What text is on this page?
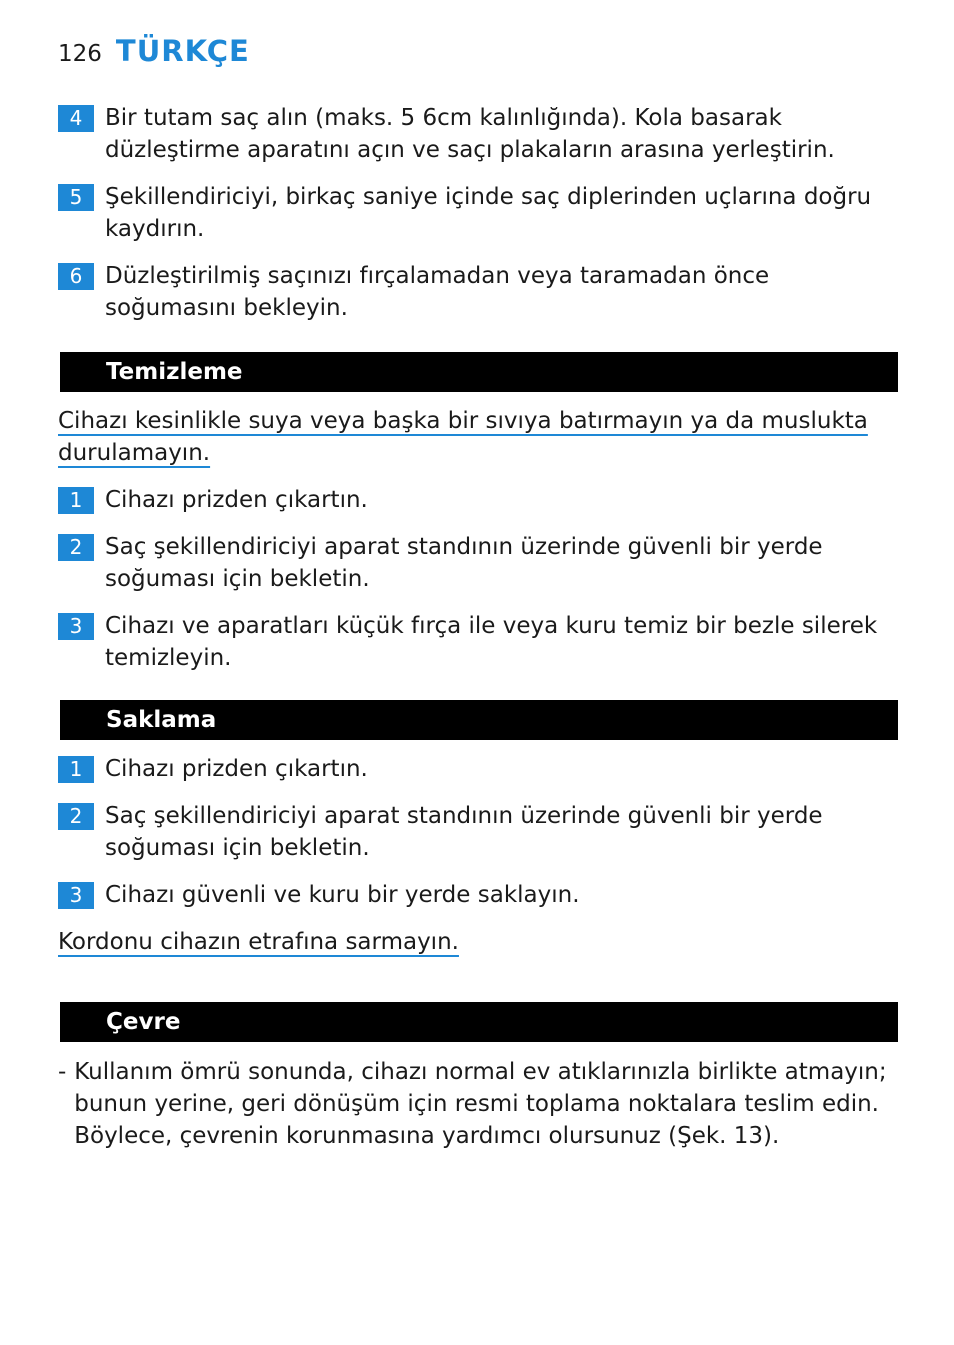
126 TÜRKÇE
4 Bir tutam saç alın (maks. 5 6cm kalınlığında). Kola basarak düzleştirme aparatını açın ve saçı plakaların arasına yerleştirin.
5 Şekillendiriciyi, birkaç saniye içinde saç diplerinden uçlarına doğru kaydırın.
6 Düzleştirilmiş saçınızı fırçalamadan veya taramadan önce soğumasını bekleyin.
Temizleme
Cihazı kesinlikle suya veya başka bir sıvıya batırmayın ya da muslukta durulamayın.
1 Cihazı prizden çıkartın.
2 Saç şekillendiriciyi aparat standının üzerinde güvenli bir yerde soğuması için bekletin.
3 Cihazı ve aparatları küçük fırça ile veya kuru temiz bir bezle silerek temizleyin.
Saklama
1 Cihazı prizden çıkartın.
2 Saç şekillendiriciyi aparat standının üzerinde güvenli bir yerde soğuması için bekletin.
3 Cihazı güvenli ve kuru bir yerde saklayın.
Kordonu cihazın etrafına sarmayın.
Çevre
- Kullanım ömrü sonunda, cihazı normal ev atıklarınızla birlikte atmayın; bunun yerine, geri dönüşüm için resmi toplama noktalara teslim edin. Böylece, çevrenin korunmasına yardımcı olursunuz (Şek. 13).
